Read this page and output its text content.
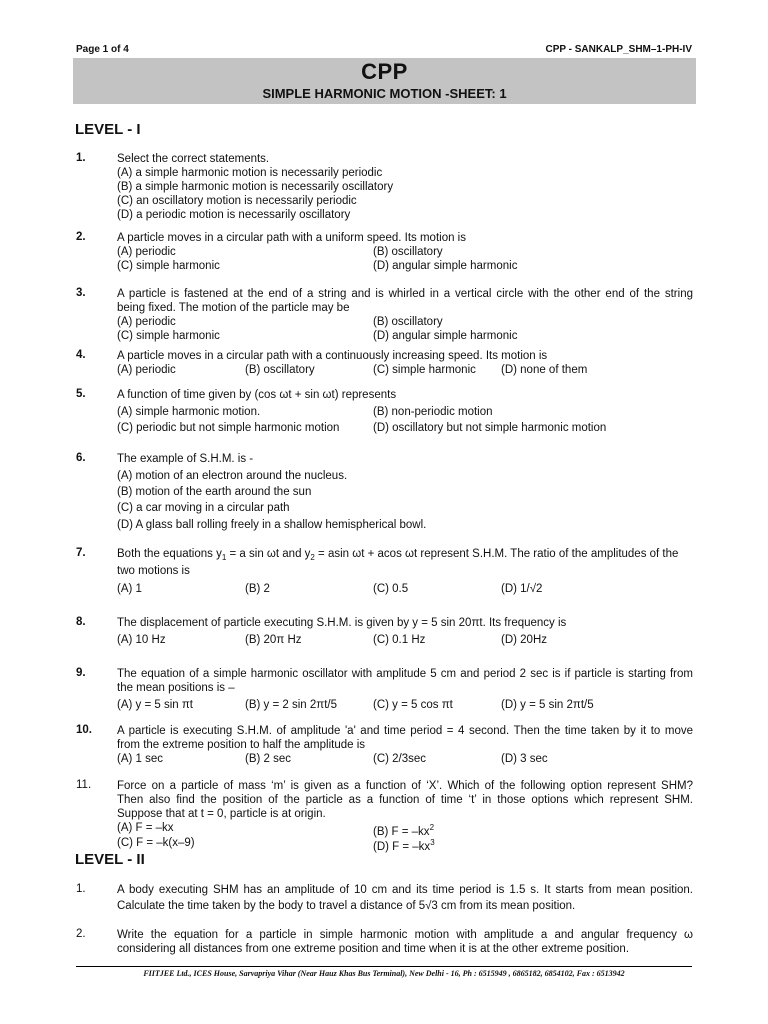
Page 1 of 4	CPP - SANKALP_SHM–1-PH-IV
CPP
SIMPLE HARMONIC MOTION -SHEET: 1
LEVEL - I
1.	Select the correct statements.
(A) a simple harmonic motion is necessarily periodic
(B) a simple harmonic motion is necessarily oscillatory
(C) an oscillatory motion is necessarily periodic
(D) a periodic motion is necessarily oscillatory
2.	A particle moves in a circular path with a uniform speed. Its motion is
(A) periodic	(B) oscillatory
(C) simple harmonic	(D) angular simple harmonic
3.	A particle is fastened at the end of a string and is whirled in a vertical circle with the other end of the string
being fixed. The motion of the particle may be
(A) periodic	(B) oscillatory
(C) simple harmonic	(D) angular simple harmonic
4.	A particle moves in a circular path with a continuously increasing speed. Its motion is
(A) periodic	(B) oscillatory	(C) simple harmonic (D) none of them
5.	A function of time given by (cos ωt + sin ωt) represents
(A) simple harmonic motion.	(B) non-periodic motion
(C) periodic but not simple harmonic motion	(D) oscillatory but not simple harmonic motion
6.	The example of S.H.M. is -
(A) motion of an electron around the nucleus.
(B) motion of the earth around the sun
(C) a car moving in a circular path
(D) A glass ball rolling freely in a shallow hemispherical bowl.
7.	Both the equations $y_1 = a$ sin ωt and $y_2 = asin$ ωt + acos ωt represent S.H.M. The ratio of the amplitudes of the
two motions is
(A) 1	(B) 2	(C) 0.5	(D) 1/√2
8.	The displacement of particle executing S.H.M. is given by y = 5 sin 20πt. Its frequency is
(A) 10 Hz	(B) 20π Hz	(C) 0.1 Hz	(D) 20Hz
9.	The equation of a simple harmonic oscillator with amplitude 5 cm and period 2 sec is if particle is starting from
the mean positions is –
(A) y = 5 sin πt	(B) y = 2 sin 2πt/5	(C) y = 5 cos πt	(D) y = 5 sin 2πt/5
10. A particle is executing S.H.M. of amplitude 'a' and time period = 4 second. Then the time taken by it to move
from the extreme position to half the amplitude is
(A) 1 sec	(B) 2 sec	(C) 2/3sec	(D) 3 sec
11. Force on a particle of mass ‘m’ is given as a function of ‘X’. Which of the following option represent SHM?
Then also find the position of the particle as a function of time ‘t’ in those options which represent SHM.
Suppose that at t = 0, particle is at origin.
(A) F = –kx	(B) $F = -kx^2$
(C) F = –k(x–9)	(D) $F = -kx^3$
LEVEL - II
1.	A body executing SHM has an amplitude of 10 cm and its time period is 1.5 s. It starts from mean position.
Calculate the time taken by the body to travel a distance of 5√3 cm from its mean position.
2.	Write the equation for a particle in simple harmonic motion with amplitude a and angular frequency ω
considering all distances from one extreme position and time when it is at the other extreme position.
FIITJEE Ltd., ICES House, Sarvapriya Vihar (Near Hauz Khas Bus Terminal), New Delhi - 16, Ph : 6515949 , 6865182, 6854102, Fax : 6513942
